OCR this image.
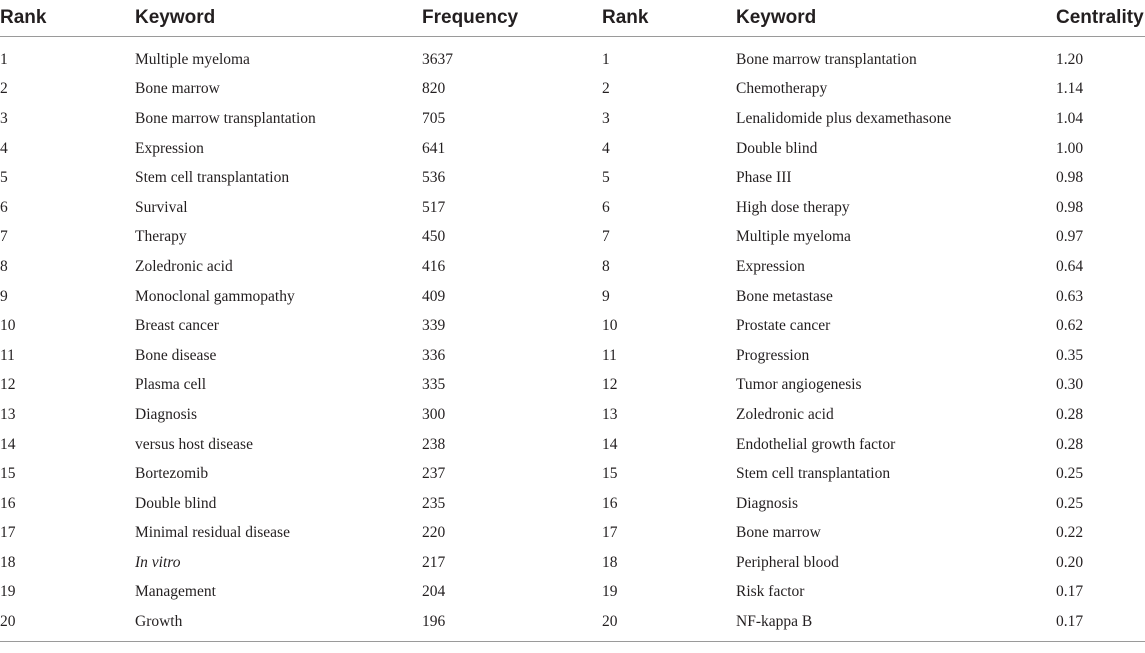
Rank	Keyword	Frequency	Rank	Keyword	Centrality
1	Multiple myeloma	3637	1	Bone marrow transplantation	1.20
2	Bone marrow	820	2	Chemotherapy	1.14
3	Bone marrow transplantation	705	3	Lenalidomide plus dexamethasone	1.04
4	Expression	641	4	Double blind	1.00
5	Stem cell transplantation	536	5	Phase III	0.98
6	Survival	517	6	High dose therapy	0.98
7	Therapy	450	7	Multiple myeloma	0.97
8	Zoledronic acid	416	8	Expression	0.64
9	Monoclonal gammopathy	409	9	Bone metastase	0.63
10	Breast cancer	339	10	Prostate cancer	0.62
11	Bone disease	336	11	Progression	0.35
12	Plasma cell	335	12	Tumor angiogenesis	0.30
13	Diagnosis	300	13	Zoledronic acid	0.28
14	versus host disease	238	14	Endothelial growth factor	0.28
15	Bortezomib	237	15	Stem cell transplantation	0.25
16	Double blind	235	16	Diagnosis	0.25
17	Minimal residual disease	220	17	Bone marrow	0.22
18	In vitro	217	18	Peripheral blood	0.20
19	Management	204	19	Risk factor	0.17
20	Growth	196	20	NF-kappa B	0.17
